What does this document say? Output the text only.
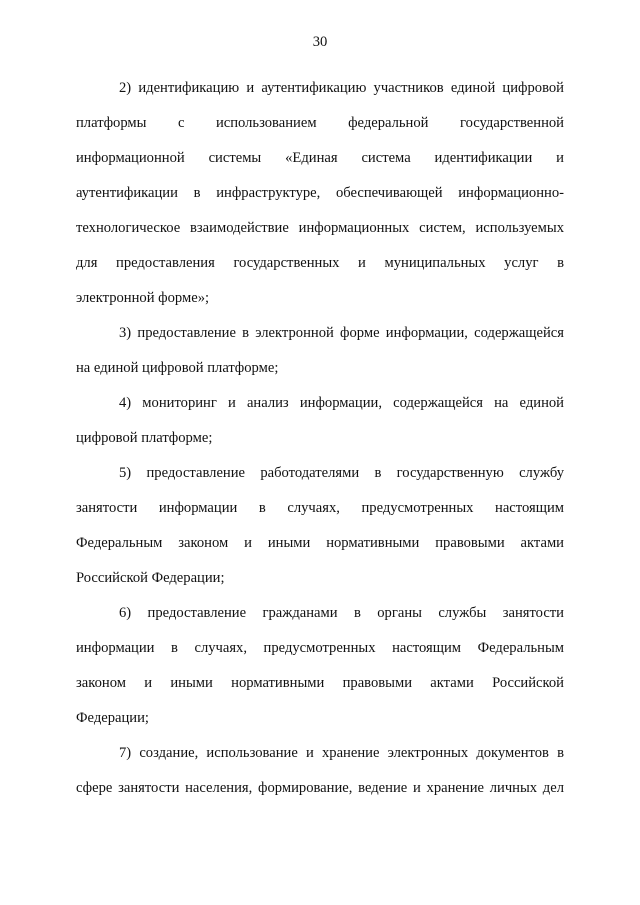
30
2) идентификацию и аутентификацию участников единой цифровой
платформы с использованием федеральной государственной
информационной системы «Единая система идентификации и
аутентификации в инфраструктуре, обеспечивающей информационно-
технологическое взаимодействие информационных систем, используемых
для предоставления государственных и муниципальных услуг в
электронной форме»;
3) предоставление в электронной форме информации, содержащейся
на единой цифровой платформе;
4) мониторинг и анализ информации, содержащейся на единой
цифровой платформе;
5) предоставление работодателями в государственную службу
занятости информации в случаях, предусмотренных настоящим
Федеральным законом и иными нормативными правовыми актами
Российской Федерации;
6) предоставление гражданами в органы службы занятости
информации в случаях, предусмотренных настоящим Федеральным
законом и иными нормативными правовыми актами Российской
Федерации;
7) создание, использование и хранение электронных документов в
сфере занятости населения, формирование, ведение и хранение личных дел
